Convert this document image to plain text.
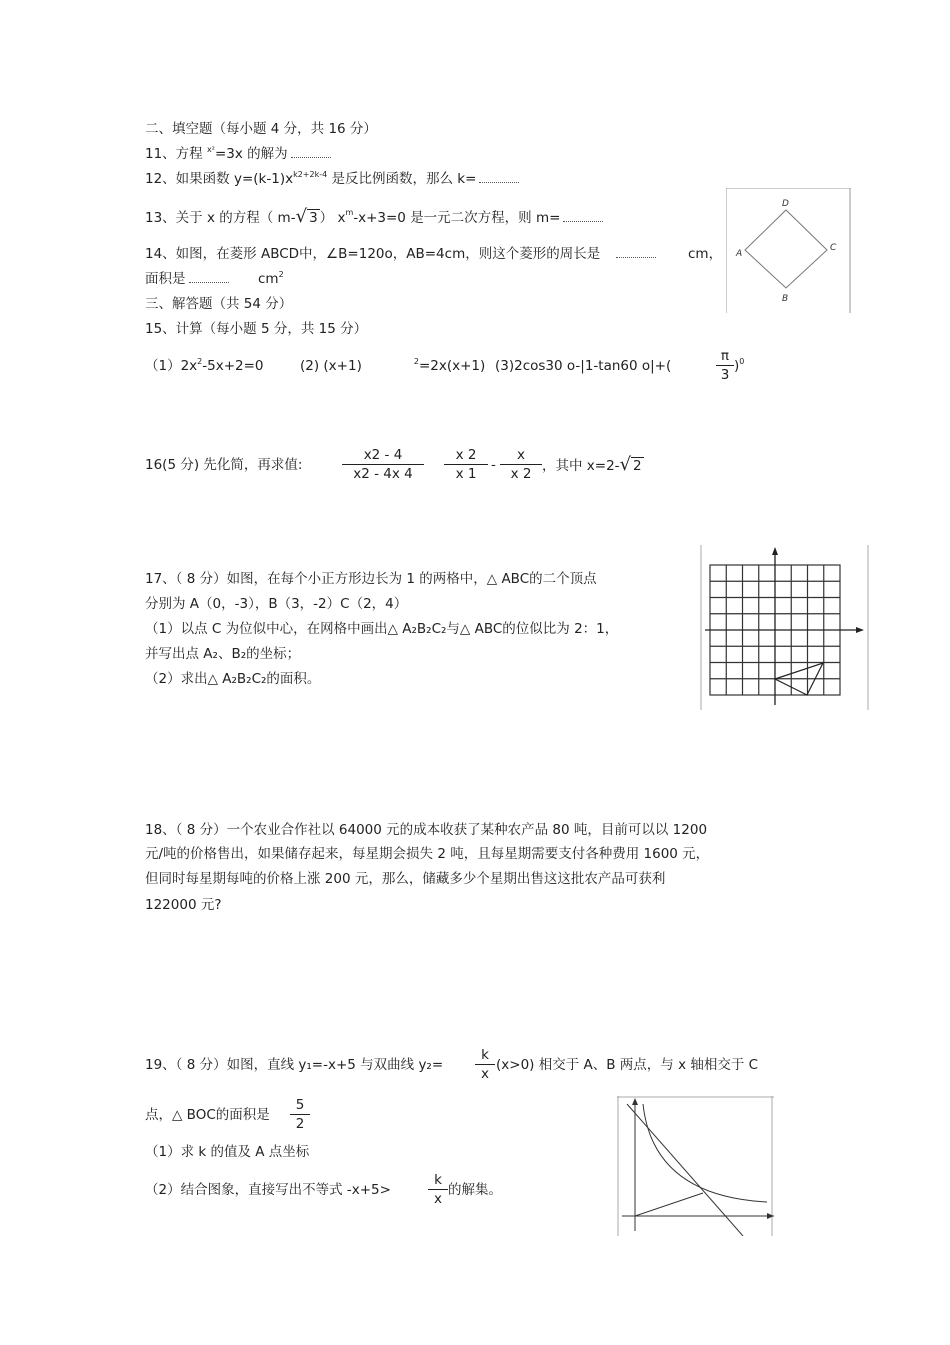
二、填空题（每小题 4 分，共 16 分）
11、方程 $^{x^2}$=3x 的解为
12、如果函数 $y=(k-1)x^{k2+2k-4}$ 是反比例函数，那么 k=
13、关于 x 的方程（ m-√ 3 ） $x^m-x+3=0$ 是一元二次方程，则 m=
14、如图，在菱形 ABCD中，∠B=120o，AB=4cm，则这个菱形的周长是	cm，
面积是	$cm^2$
D
C
A
B
三、解答题（共 54 分）
15、计算（每小题 5 分，共 15 分）
$(1)2x^2-5x+2=0$	(2) (x+1)	$^2$=2x(x+1) (3)2cos30 o-|1-tan60 o|+(	$\frac{\pi}{3} )^0$
16(5 分) 先化简，再求值:	$\frac{x2 - 4}{x2 - 4x 4} \frac{x 2}{x 1} - \frac{x}{x 2}$ ，其中 x=2-√ 2
17、（ 8 分）如图，在每个小正方形边长为 1 的两格中，△ ABC的二个顶点
分别为 A（0，-3），B（3，-2）C（2，4）
（1）以点 C 为位似中心，在网格中画出△ A₂B₂C₂与△ ABC的位似比为 2：1，
并写出点 A₂、B₂的坐标；
（2）求出△ A₂B₂C₂的面积。
18、（ 8 分）一个农业合作社以 64000 元的成本收获了某种农产品 80 吨，目前可以以 1200
元/吨的价格售出，如果储存起来，每星期会损失 2 吨，且每星期需要支付各种费用 1600 元，
但同时每星期每吨的价格上涨 200 元，那么，储藏多少个星期出售这这批农产品可获利
122000 元?
19、（ 8 分）如图，直线 y₁=-x+5 与双曲线 $y_2= \frac{k}{x} (x>0)$ 相交于 A、B 两点，与 x 轴相交于 C
点，△ BOC的面积是 $\frac{5}{2}$
（1）求 k 的值及 A 点坐标
（2）结合图象，直接写出不等式 -x+5>	$\frac{k}{x}$ 的解集。
